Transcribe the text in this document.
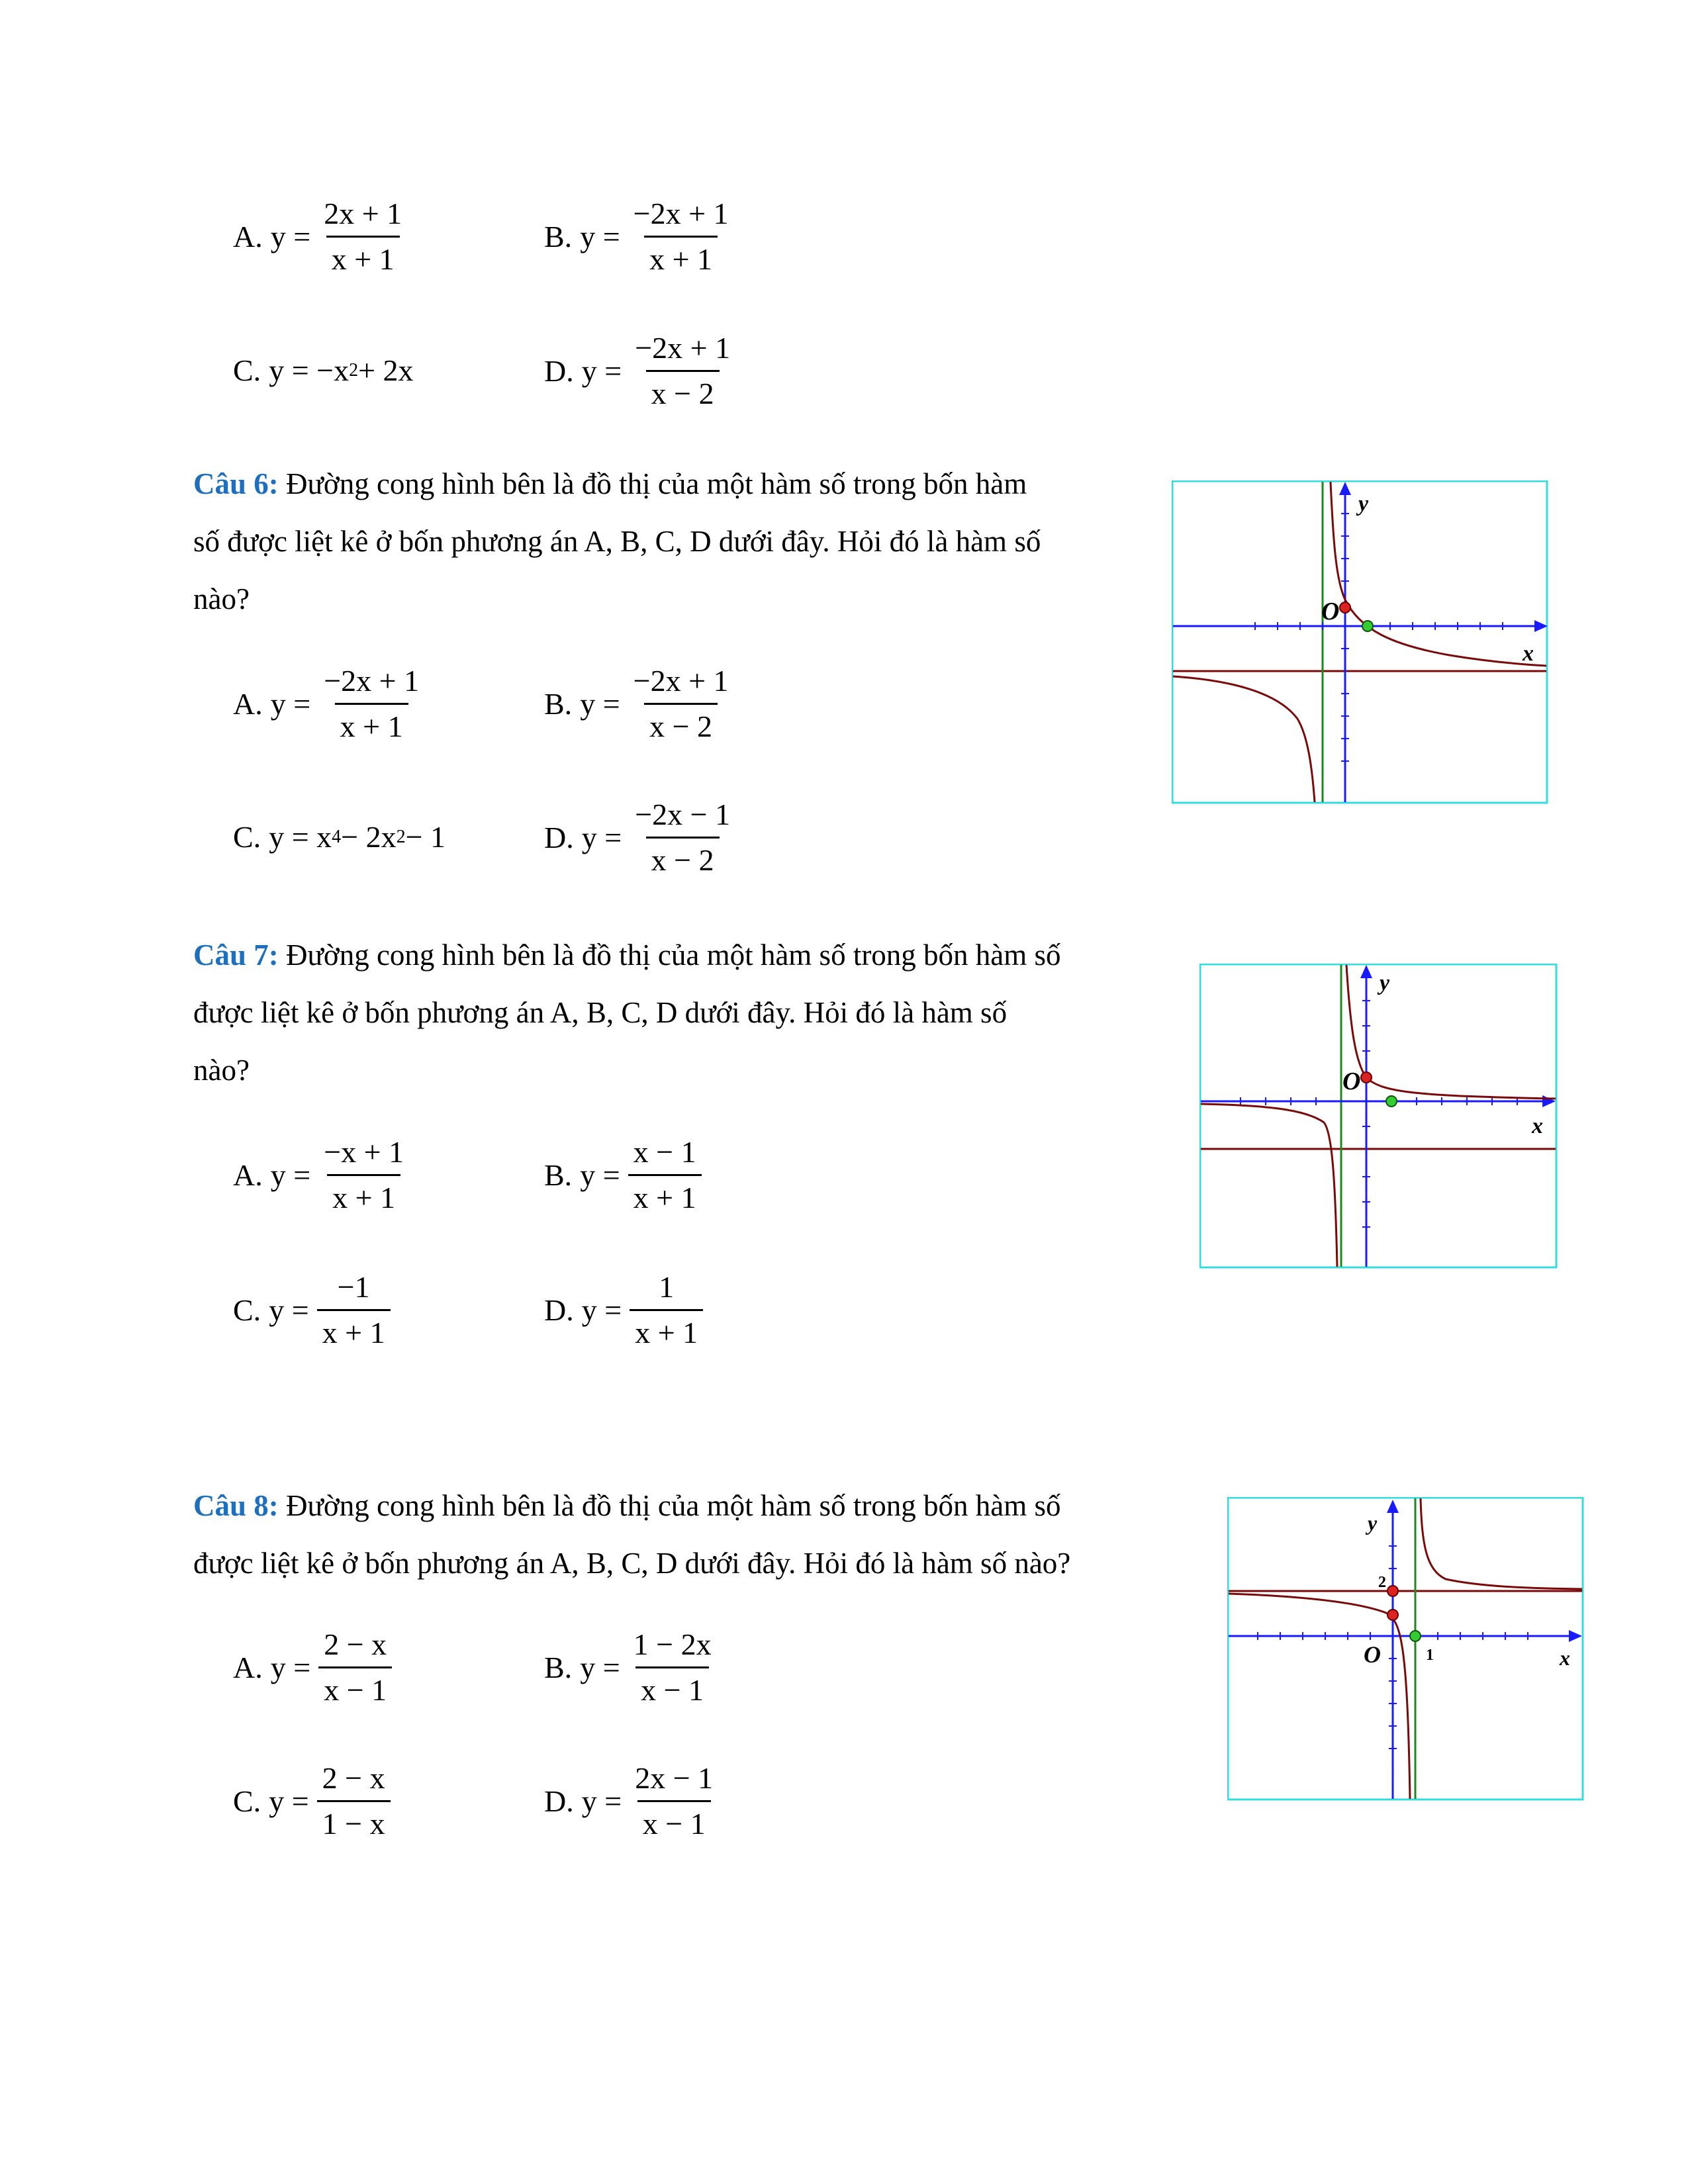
A. $y = \frac{2x + 1}{x + 1}$	B. $y = \frac{-2x + 1}{x + 1}$
C. y = −x 2 + 2x	D. $y = \frac{-2x + 1}{x - 2}$
Câu 6: Đường cong hình bên là đồ thị của một hàm số trong bốn hàm
số được liệt kê ở bốn phương án A, B, C, D dưới đây. Hỏi đó là hàm số
nào?
A. $y = \frac{-2x + 1}{x + 1}$	B. $y = \frac{-2x + 1}{x - 2}$
C. y = x 4 − 2x 2 − 1	D. $y = \frac{-2x - 1}{x - 2}$
O
y
x
Câu 7: Đường cong hình bên là đồ thị của một hàm số trong bốn hàm số
được liệt kê ở bốn phương án A, B, C, D dưới đây. Hỏi đó là hàm số
nào?
A. $y = \frac{-x + 1}{x + 1}$	B. $y = \frac{x - 1}{x + 1}$
C. $y = \frac{-1}{x + 1}$	D. $y = \frac{1}{x + 1}$
O
y
x
Câu 8: Đường cong hình bên là đồ thị của một hàm số trong bốn hàm số
được liệt kê ở bốn phương án A, B, C, D dưới đây. Hỏi đó là hàm số nào?
A. $y = \frac{2 - x}{x - 1}$	B. $y = \frac{1 - 2x}{x - 1}$
C. $y = \frac{2 - x}{1 - x}$	D. $y = \frac{2x - 1}{x - 1}$
O
y
x
2
1
